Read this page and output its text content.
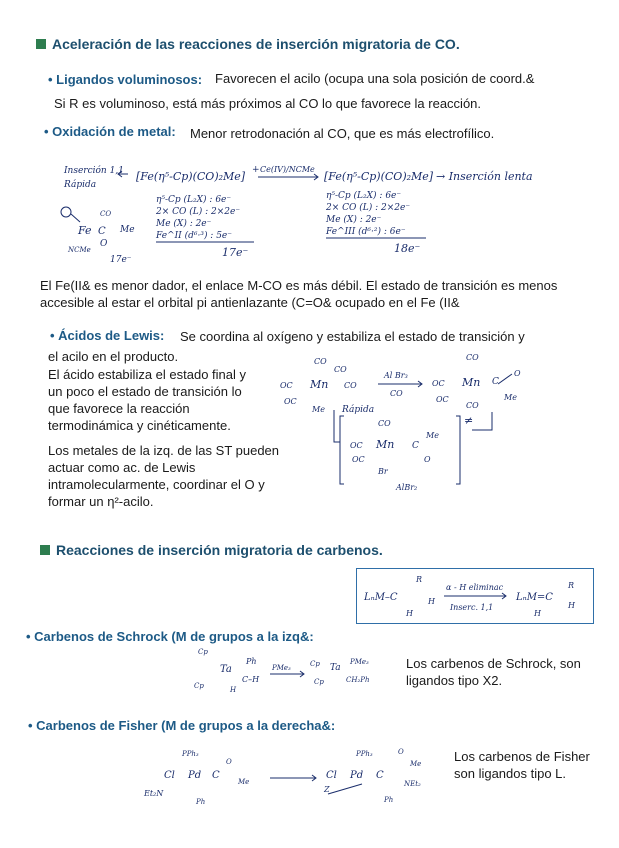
Aceleración de las reacciones de inserción migratoria de CO.
• Ligandos voluminosos: Favorecen el acilo (ocupa una sola posición de coord.&
Si R es voluminoso, está más próximos al CO lo que favorece la reacción.
• Oxidación de metal: Menor retrodonación al CO, que es más electrofílico.
Inserción 1,1
Rápida
[Fe(η⁵-Cp)(CO)₂Me] + Ce(IV)/NCMe
[Fe(η⁵-Cp)(CO)₂Me] → Inserción lenta
CO
Fe C Me
O
NCMe
17e⁻
η⁵-Cp (L₂X) : 6e⁻
2× CO (L) : 2×2e⁻
Me (X) : 2e⁻
Fe^II (d⁶·³) : 5e⁻
17e⁻
η⁵-Cp (L₂X) : 6e⁻
2× CO (L) : 2×2e⁻
Me (X) : 2e⁻
Fe^III (d⁶·²) : 6e⁻
18e⁻
El Fe(II& es menor dador, el enlace M-CO es más débil. El estado de transición es menos accesible al estar el orbital pi antienlazante (C=O& ocupado en el Fe (II&
• Ácidos de Lewis: Se coordina al oxígeno y estabiliza el estado de transición y
el acilo en el producto.
El ácido estabiliza el estado final y un poco el estado de transición lo que favorece la reacción termodinámica y cinéticamente.
Los metales de la izq. de las ST pueden actuar como ac. de Lewis intramolecularmente, coordinar el O y formar un η²-acilo.
CO
OC Mn CO
OC
Me
CO
Al Br₃
CO
CO
OC Mn C
O
Me
OC
CO
Rápida
≠
CO
OC Mn C
Me
O
OC
Br
AlBr₂
Reacciones de inserción migratoria de carbenos.
LₙM–C
R
H
H
α - H eliminac
Inserc. 1,1
LₙM=C
R
H
H
• Carbenos de Schrock (M de grupos a la izq&:
Cp
Ta
Ph
C–H
H
Cp
PMe₃	Cp Ta
PMe₃
Cp	CH₂Ph
Los carbenos de Schrock, son ligandos tipo X2.
• Carbenos de Fisher (M de grupos a la derecha&:
PPh₃
Cl Pd C
O
Me
Et₂N
Ph
PPh₃
Cl Pd C
O
Me
NEt₂
Ph
Z
Los carbenos de Fisher son ligandos tipo L.
